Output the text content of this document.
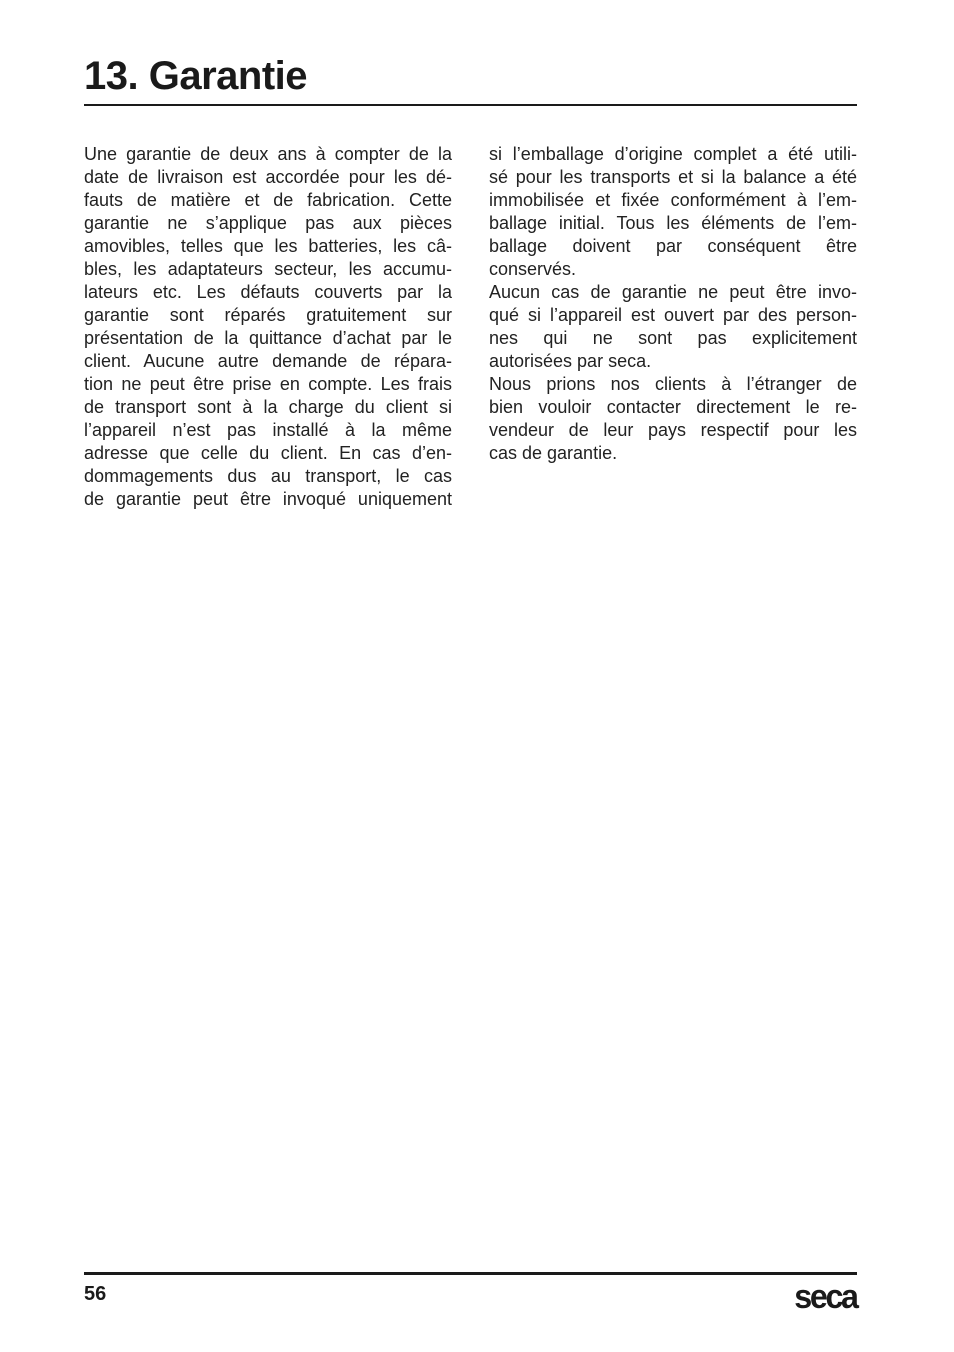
13. Garantie

Une garantie de deux ans à compter de la
date de livraison est accordée pour les dé-
fauts de matière et de fabrication. Cette
garantie ne s’applique pas aux pièces
amovibles, telles que les batteries, les câ-
bles, les adaptateurs secteur, les accumu-
lateurs etc. Les défauts couverts par la
garantie sont réparés gratuitement sur
présentation de la quittance d’achat par le
client. Aucune autre demande de répara-
tion ne peut être prise en compte. Les frais
de transport sont à la charge du client si
l’appareil n’est pas installé à la même
adresse que celle du client. En cas d’en-
dommagements dus au transport, le cas
de garantie peut être invoqué uniquement

si l’emballage d’origine complet a été utili-
sé pour les transports et si la balance a été
immobilisée et fixée conformément à l’em-
ballage initial. Tous les éléments de l’em-
ballage doivent par conséquent être
conservés.

Aucun cas de garantie ne peut être invo-
qué si l’appareil est ouvert par des person-
nes qui ne sont pas explicitement
autorisées par seca.

Nous prions nos clients à l’étranger de
bien vouloir contacter directement le re-
vendeur de leur pays respectif pour les
cas de garantie.

56	seca
